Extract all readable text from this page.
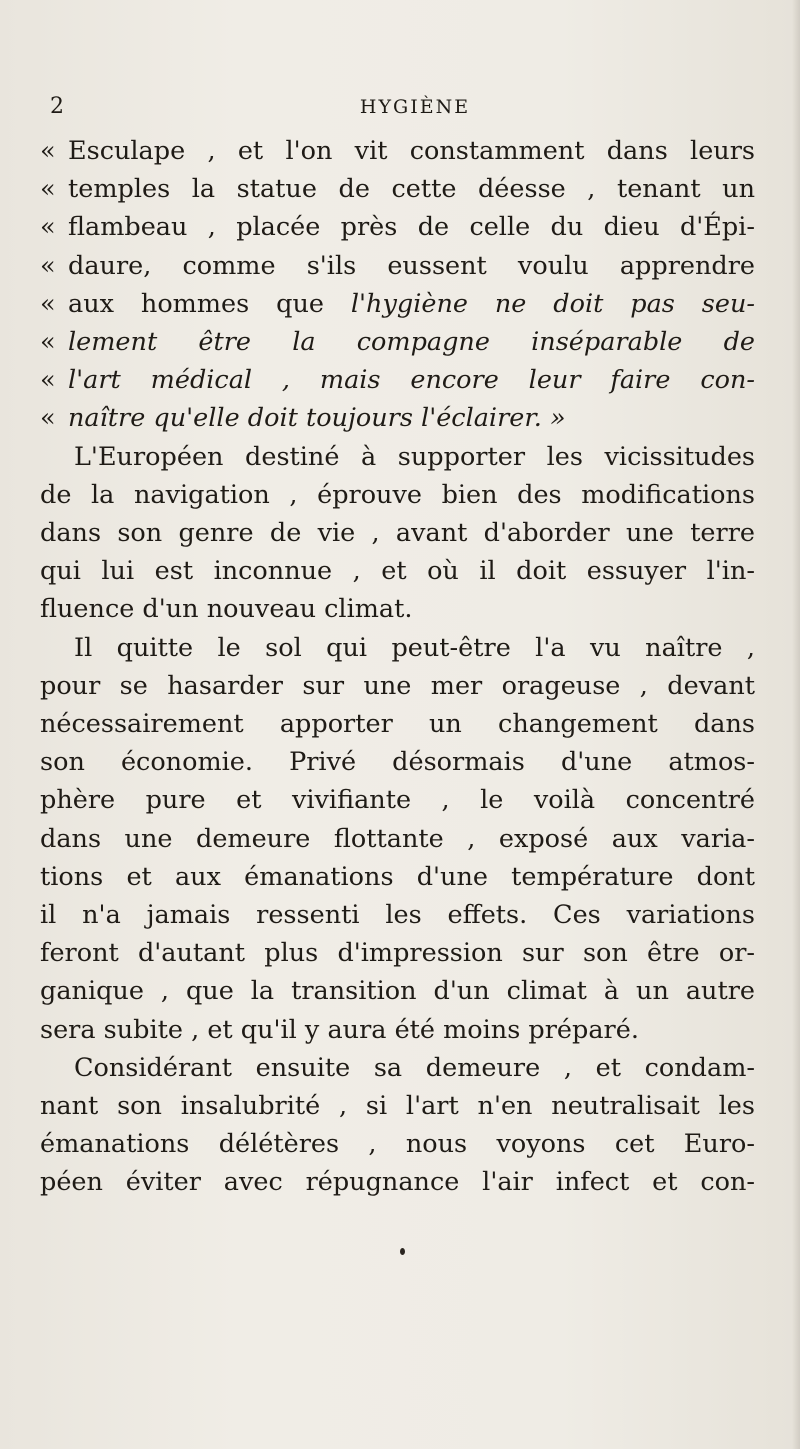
2	HYGIÈNE
« Esculape , et l'on vit constamment dans leurs
« temples la statue de cette déesse , tenant un
« flambeau , placée près de celle du dieu d'Épi-
« daure, comme s'ils eussent voulu apprendre
« aux hommes que l'hygiène ne doit pas seu-
« lement être la compagne inséparable de
« l'art médical , mais encore leur faire con-
« naître qu'elle doit toujours l'éclairer. »
L'Européen destiné à supporter les vicissitudes
de la navigation , éprouve bien des modifications
dans son genre de vie , avant d'aborder une terre
qui lui est inconnue , et où il doit essuyer l'in-
fluence d'un nouveau climat.
Il quitte le sol qui peut-être l'a vu naître ,
pour se hasarder sur une mer orageuse , devant
nécessairement apporter un changement dans
son économie. Privé désormais d'une atmos-
phère pure et vivifiante , le voilà concentré
dans une demeure flottante , exposé aux varia-
tions et aux émanations d'une température dont
il n'a jamais ressenti les effets. Ces variations
feront d'autant plus d'impression sur son être or-
ganique , que la transition d'un climat à un autre
sera subite , et qu'il y aura été moins préparé.
Considérant ensuite sa demeure , et condam-
nant son insalubrité , si l'art n'en neutralisait les
émanations délétères , nous voyons cet Euro-
péen éviter avec répugnance l'air infect et con-
